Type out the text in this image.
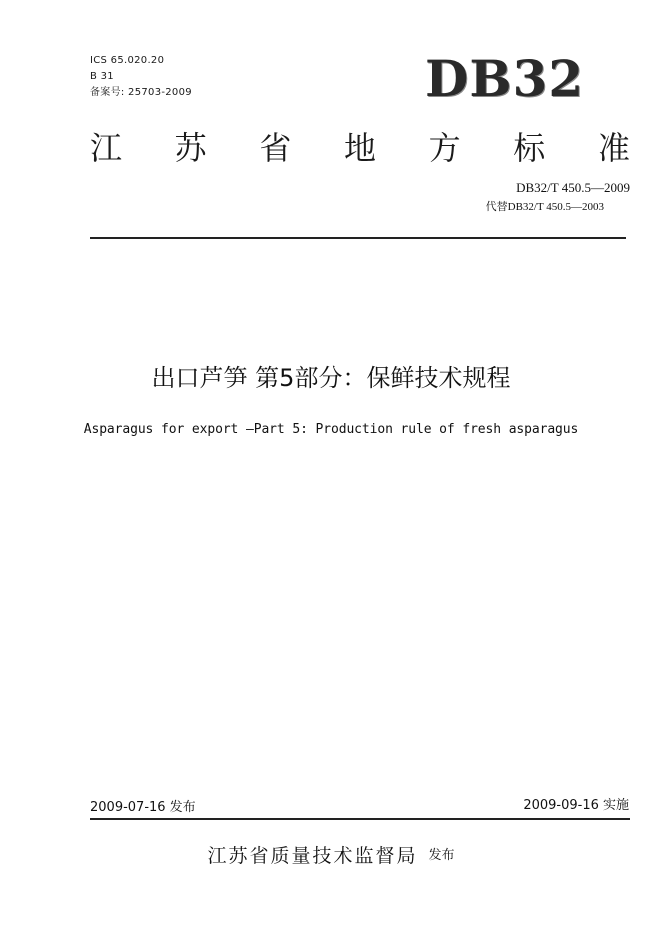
ICS 65.020.20
B 31
备案号: 25703-2009	DB32
江 苏 省 地 方 标 准
DB32/T 450.5—2009
代替DB32/T 450.5—2003
出口芦笋 第5部分：保鲜技术规程
Asparagus for export —Part 5: Production rule of fresh asparagus
2009-07-16 发布	2009-09-16 实施
江苏省质量技术监督局 发布
